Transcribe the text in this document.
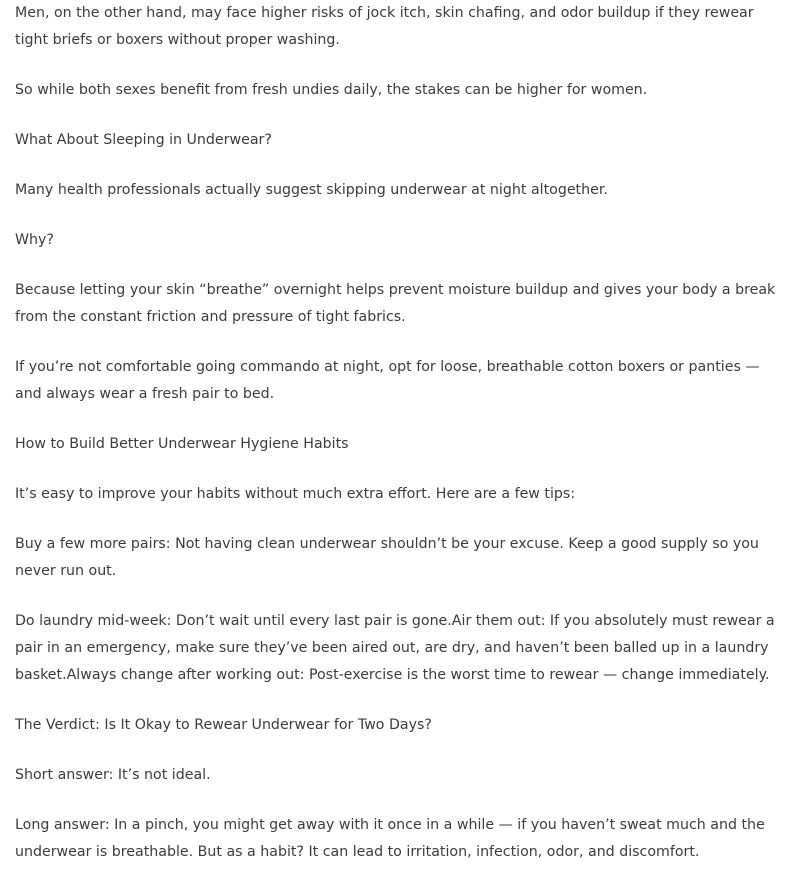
Men, on the other hand, may face higher risks of jock itch, skin chafing, and odor buildup if they rewear tight briefs or boxers without proper washing.

So while both sexes benefit from fresh undies daily, the stakes can be higher for women.

What About Sleeping in Underwear?

Many health professionals actually suggest skipping underwear at night altogether.

Why?

Because letting your skin “breathe” overnight helps prevent moisture buildup and gives your body a break from the constant friction and pressure of tight fabrics.

If you’re not comfortable going commando at night, opt for loose, breathable cotton boxers or panties — and always wear a fresh pair to bed.

How to Build Better Underwear Hygiene Habits

It’s easy to improve your habits without much extra effort. Here are a few tips:

Buy a few more pairs: Not having clean underwear shouldn’t be your excuse. Keep a good supply so you never run out.

Do laundry mid-week: Don’t wait until every last pair is gone.Air them out: If you absolutely must rewear a pair in an emergency, make sure they’ve been aired out, are dry, and haven’t been balled up in a laundry basket.Always change after working out: Post-exercise is the worst time to rewear — change immediately.

The Verdict: Is It Okay to Rewear Underwear for Two Days?

Short answer: It’s not ideal.

Long answer: In a pinch, you might get away with it once in a while — if you haven’t sweat much and the underwear is breathable. But as a habit? It can lead to irritation, infection, odor, and discomfort.
